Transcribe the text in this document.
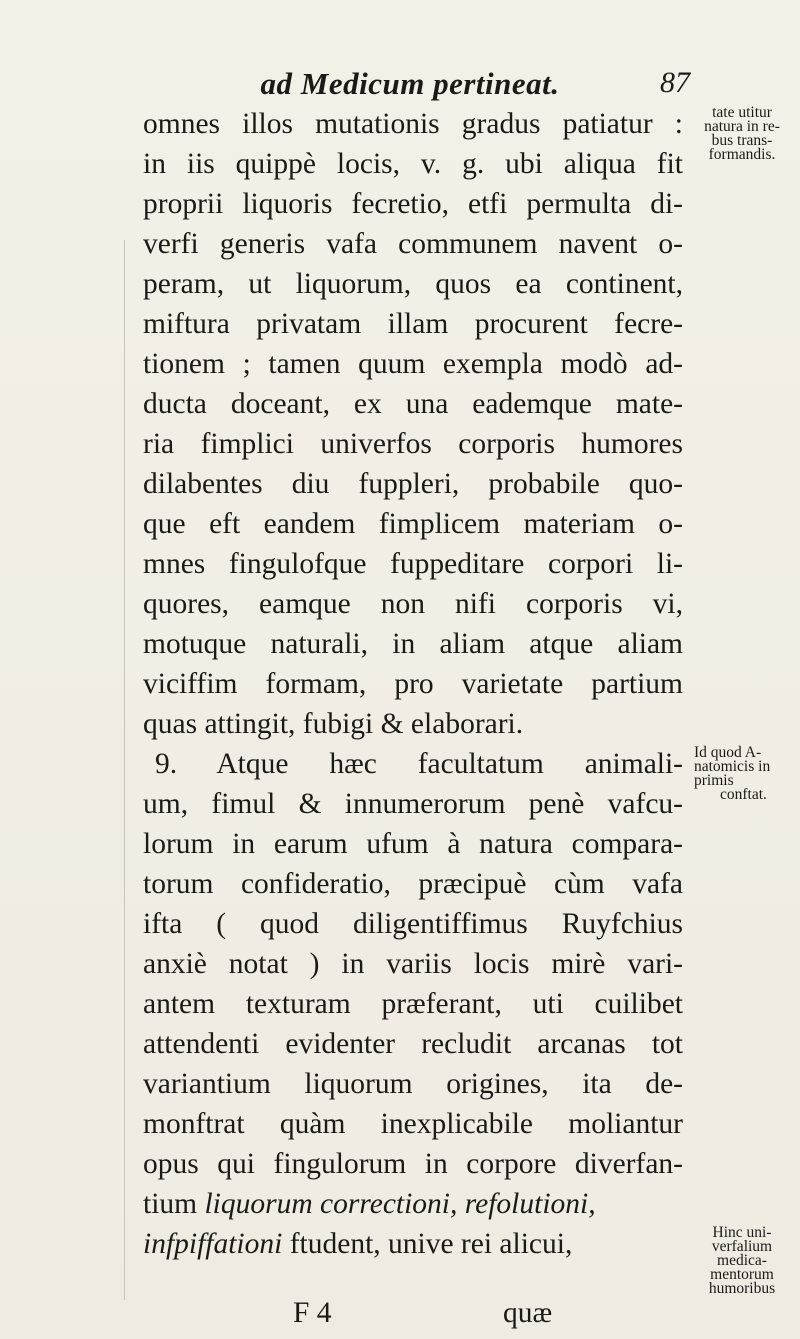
ad Medicum pertineat.	87
omnes illos mutationis gradus patiatur :
in iis quippè locis, v. g. ubi aliqua fit
proprii liquoris fecretio, etfi permulta di-
verfi generis vafa communem navent o-
peram, ut liquorum, quos ea continent,
miftura privatam illam procurent fecre-
tionem ; tamen quum exempla modò ad-
ducta doceant, ex una eademque mate-
ria fimplici univerfos corporis humores
dilabentes diu fuppleri, probabile quo-
que eft eandem fimplicem materiam o-
mnes fingulofque fuppeditare corpori li-
quores, eamque non nifi corporis vi,
motuque naturali, in aliam atque aliam
viciffim formam, pro varietate partium
quas attingit, fubigi & elaborari.
9. Atque hæc facultatum animali-
um, fimul & innumerorum penè vafcu-
lorum in earum ufum à natura compara-
torum confideratio, præcipuè cùm vafa
ifta ( quod diligentiffimus Ruyfchius
anxiè notat ) in variis locis mirè vari-
antem texturam præferant, uti cuilibet
attendenti evidenter recludit arcanas tot
variantium liquorum origines, ita de-
monftrat quàm inexplicabile moliantur
opus qui fingulorum in corpore diverfan-
tium liquorum correctioni, refolutioni,
infpiffationi ftudent, unive rei alicui,
F 4	quæ
tate utitur
natura in re-
bus trans-
formandis.
Id quod A-
natomicis in
primis
conftat.
Hinc uni-
verfalium
medica-
mentorum
humoribus
